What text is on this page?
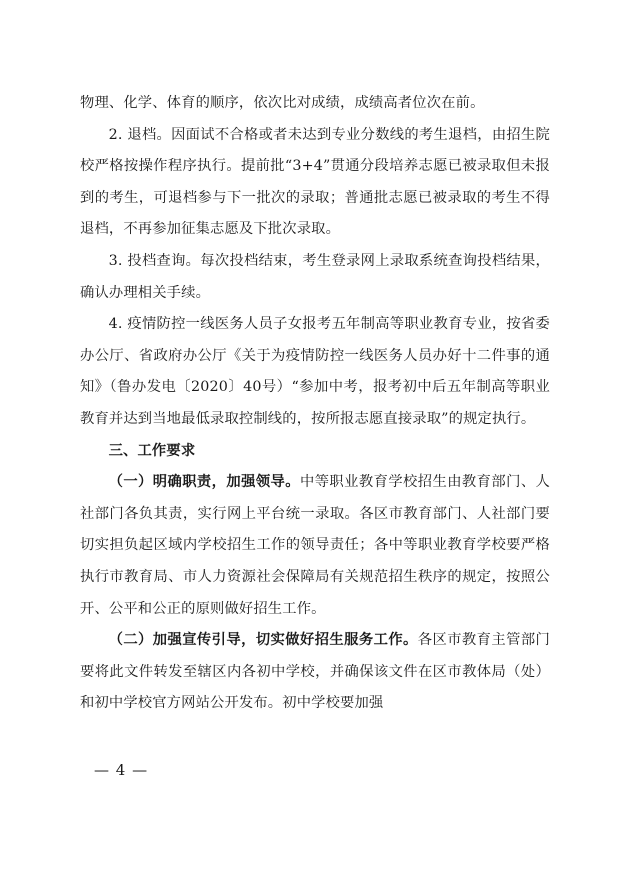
物理、化学、体育的顺序，依次比对成绩，成绩高者位次在前。

2. 退档。因面试不合格或者未达到专业分数线的考生退档，由招生院校严格按操作程序执行。提前批“3+4”贯通分段培养志愿已被录取但未报到的考生，可退档参与下一批次的录取；普通批志愿已被录取的考生不得退档，不再参加征集志愿及下批次录取。

3. 投档查询。每次投档结束，考生登录网上录取系统查询投档结果，确认办理相关手续。

4. 疫情防控一线医务人员子女报考五年制高等职业教育专业，按省委办公厅、省政府办公厅《关于为疫情防控一线医务人员办好十二件事的通知》（鲁办发电〔2020〕40号）“参加中考，报考初中后五年制高等职业教育并达到当地最低录取控制线的，按所报志愿直接录取”的规定执行。

三、工作要求

（一）明确职责，加强领导。中等职业教育学校招生由教育部门、人社部门各负其责，实行网上平台统一录取。各区市教育部门、人社部门要切实担负起区域内学校招生工作的领导责任；各中等职业教育学校要严格执行市教育局、市人力资源社会保障局有关规范招生秩序的规定，按照公开、公平和公正的原则做好招生工作。

（二）加强宣传引导，切实做好招生服务工作。各区市教育主管部门要将此文件转发至辖区内各初中学校，并确保该文件在区市教体局（处）和初中学校官方网站公开发布。初中学校要加强

— 4 —
